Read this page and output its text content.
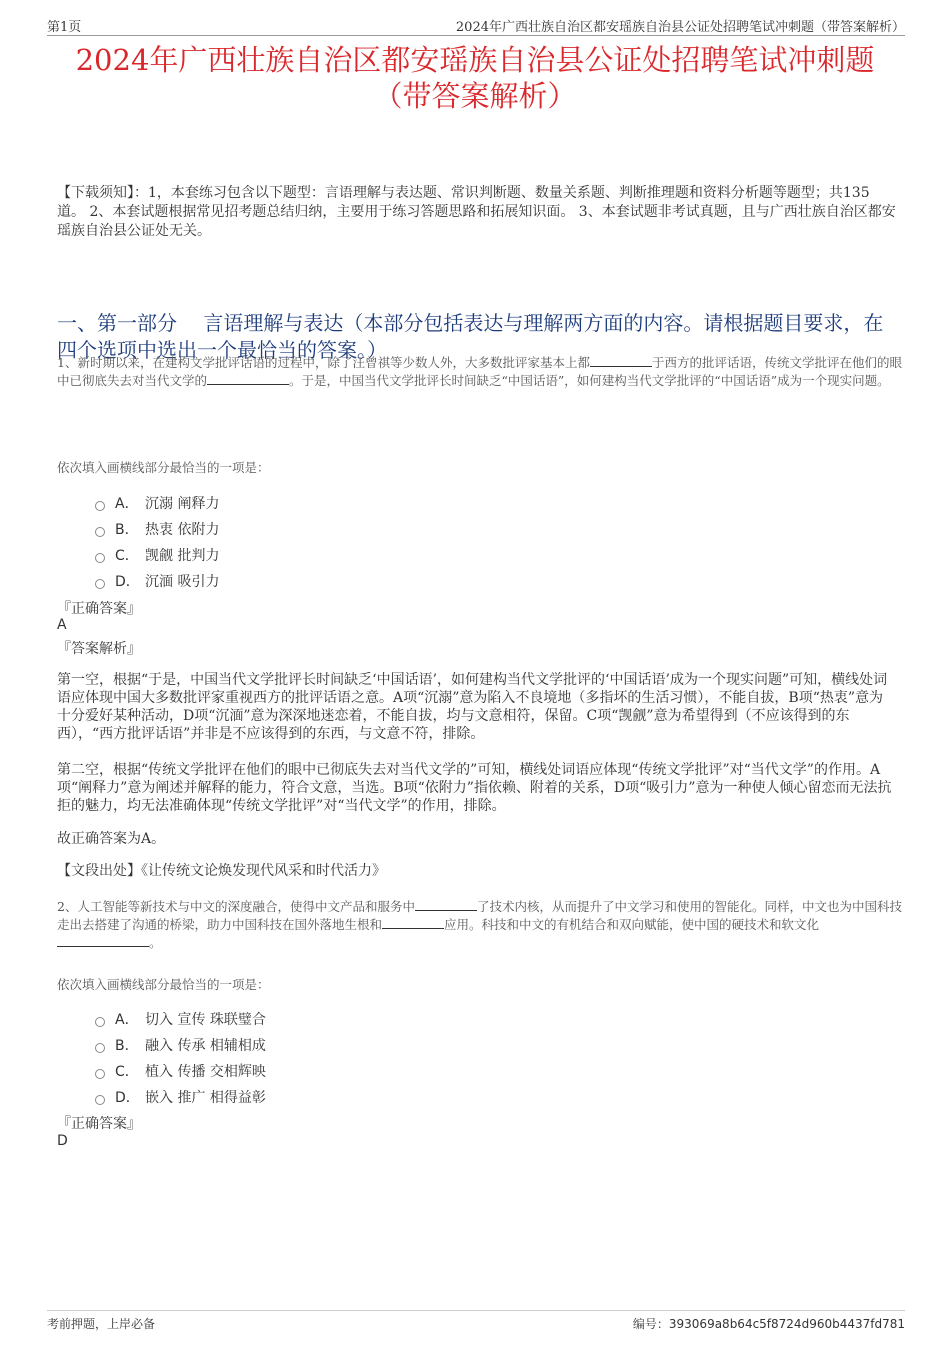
第1页	2024年广西壮族自治区都安瑶族自治县公证处招聘笔试冲刺题（带答案解析）
2024年广西壮族自治区都安瑶族自治县公证处招聘笔试冲刺题
（带答案解析）
【下载须知】：1，本套练习包含以下题型：言语理解与表达题、常识判断题、数量关系题、判断推理题和资料分析题等题型；共135道。 2、本套试题根据常见招考题总结归纳，主要用于练习答题思路和拓展知识面。 3、本套试题非考试真题，且与广西壮族自治区都安瑶族自治县公证处无关。
一、第一部分　 言语理解与表达（本部分包括表达与理解两方面的内容。请根据题目要求，在四个选项中选出一个最恰当的答案。）
1、新时期以来，在建构文学批评话语的过程中，除了汪曾祺等少数人外，大多数批评家基本上都	于西方的批评话语，传统文学批评在他们的眼中已彻底失去对当代文学的	。于是，中国当代文学批评长时间缺乏“中国话语”，如何建构当代文学批评的“中国话语”成为一个现实问题。
依次填入画横线部分最恰当的一项是：
A． 沉溺 阐释力
B． 热衷 依附力
C． 觊觎 批判力
D． 沉湎 吸引力
『正确答案』
A
『答案解析』
第一空，根据“于是，中国当代文学批评长时间缺乏‘中国话语’，如何建构当代文学批评的‘中国话语’成为一个现实问题”可知，横线处词语应体现中国大多数批评家重视西方的批评话语之意。A项“沉溺”意为陷入不良境地（多指坏的生活习惯），不能自拔，B项“热衷”意为十分爱好某种活动，D项“沉湎”意为深深地迷恋着，不能自拔，均与文意相符，保留。C项“觊觎”意为希望得到（不应该得到的东西），“西方批评话语”并非是不应该得到的东西，与文意不符，排除。
第二空，根据“传统文学批评在他们的眼中已彻底失去对当代文学的”可知，横线处词语应体现“传统文学批评”对“当代文学”的作用。A项“阐释力”意为阐述并解释的能力，符合文意，当选。B项“依附力”指依赖、附着的关系，D项“吸引力”意为一种使人倾心留恋而无法抗拒的魅力，均无法准确体现“传统文学批评”对“当代文学”的作用，排除。
故正确答案为A。
【文段出处】《让传统文论焕发现代风采和时代活力》
2、人工智能等新技术与中文的深度融合，使得中文产品和服务中	了技术内核，从而提升了中文学习和使用的智能化。同样，中文也为中国科技走出去搭建了沟通的桥梁，助力中国科技在国外落地生根和	应用。科技和中文的有机结合和双向赋能，使中国的硬技术和软文化。
依次填入画横线部分最恰当的一项是：
A． 切入 宣传 珠联璧合
B． 融入 传承 相辅相成
C． 植入 传播 交相辉映
D． 嵌入 推广 相得益彰
『正确答案』
D
考前押题，上岸必备	编号：393069a8b64c5f8724d960b4437fd781
